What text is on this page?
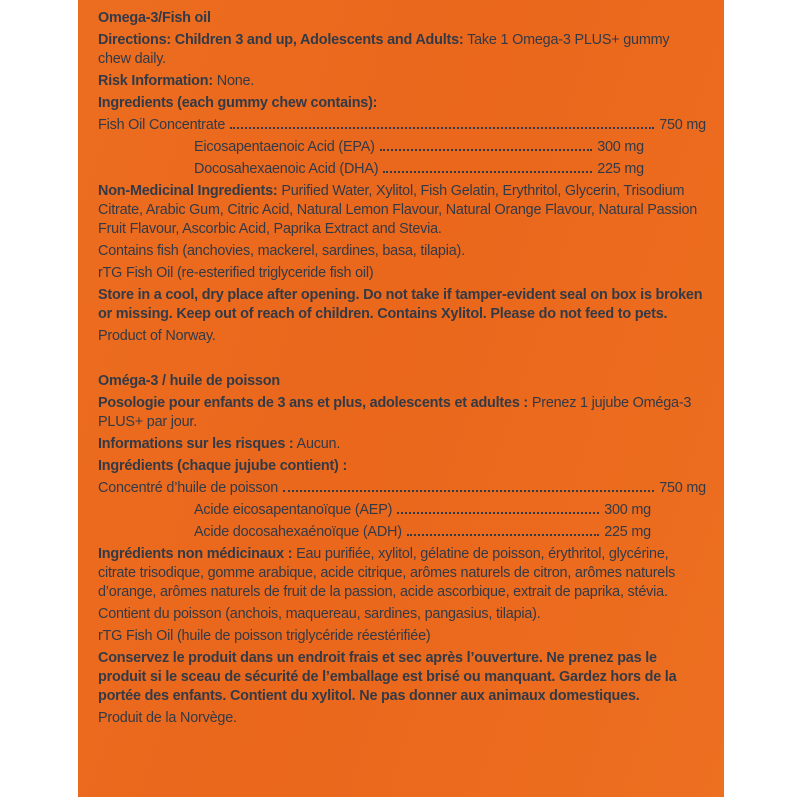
Omega-3/Fish oil

Directions: Children 3 and up, Adolescents and Adults: Take 1 Omega-3 PLUS+ gummy chew daily.

Risk Information: None.

Ingredients (each gummy chew contains):

Fish Oil Concentrate	750 mg
Eicosapentaenoic Acid (EPA)	300 mg
Docosahexaenoic Acid (DHA)	225 mg

Non-Medicinal Ingredients: Purified Water, Xylitol, Fish Gelatin, Erythritol, Glycerin, Trisodium Citrate, Arabic Gum, Citric Acid, Natural Lemon Flavour, Natural Orange Flavour, Natural Passion Fruit Flavour, Ascorbic Acid, Paprika Extract and Stevia.

Contains fish (anchovies, mackerel, sardines, basa, tilapia).

rTG Fish Oil (re-esterified triglyceride fish oil)

Store in a cool, dry place after opening. Do not take if tamper-evident seal on box is broken or missing. Keep out of reach of children. Contains Xylitol. Please do not feed to pets.

Product of Norway.

Oméga-3 / huile de poisson

Posologie pour enfants de 3 ans et plus, adolescents et adultes : Prenez 1 jujube Oméga-3 PLUS+ par jour.

Informations sur les risques : Aucun.

Ingrédients (chaque jujube contient) :

Concentré d’huile de poisson	750 mg
Acide eicosapentanoïque (AEP)	300 mg
Acide docosahexaénoïque (ADH)	225 mg

Ingrédients non médicinaux : Eau purifiée, xylitol, gélatine de poisson, érythritol, glycérine, citrate trisodique, gomme arabique, acide citrique, arômes naturels de citron, arômes naturels d’orange, arômes naturels de fruit de la passion, acide ascorbique, extrait de paprika, stévia.

Contient du poisson (anchois, maquereau, sardines, pangasius, tilapia).

rTG Fish Oil (huile de poisson triglycéride réestérifiée)

Conservez le produit dans un endroit frais et sec après l’ouverture. Ne prenez pas le produit si le sceau de sécurité de l’emballage est brisé ou manquant. Gardez hors de la portée des enfants. Contient du xylitol. Ne pas donner aux animaux domestiques.

Produit de la Norvège.
